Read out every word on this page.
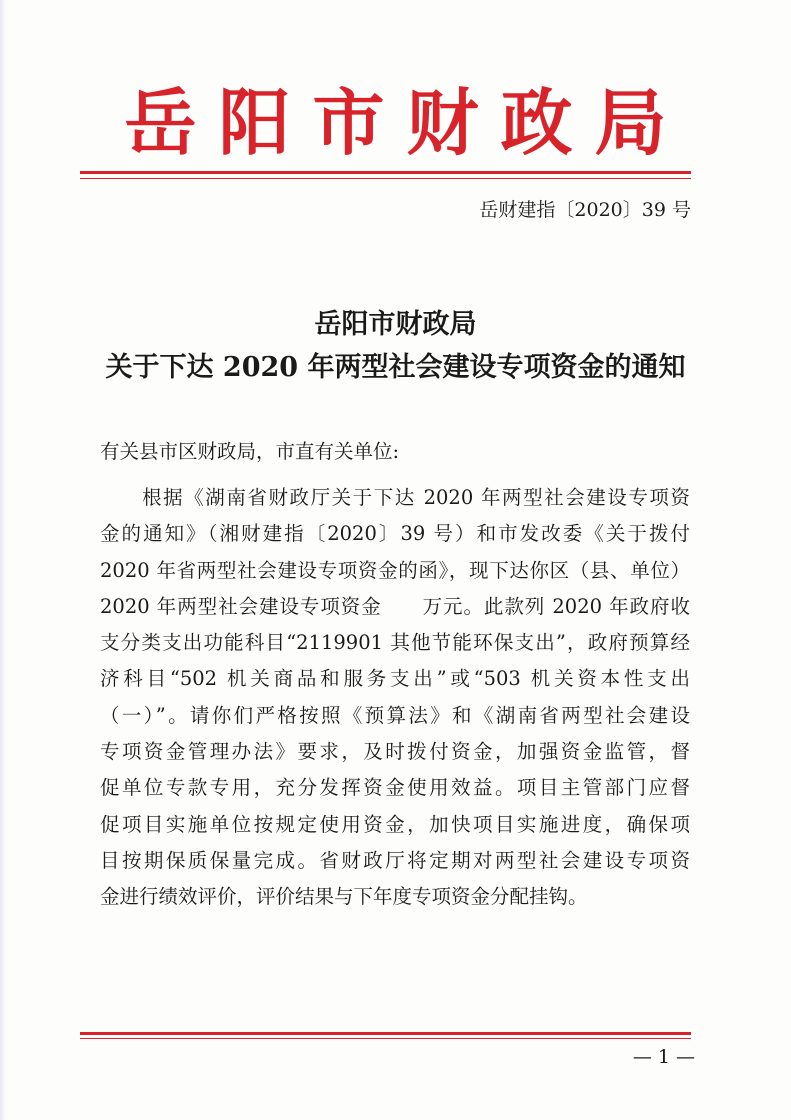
岳阳市财政局
岳财建指〔2020〕39 号
岳阳市财政局
关于下达 2020 年两型社会建设专项资金的通知
有关县市区财政局，市直有关单位:
　　根据《湖南省财政厅关于下达 2020 年两型社会建设专项资
金的通知》（湘财建指〔2020〕39 号）和市发改委《关于拨付
2020 年省两型社会建设专项资金的函》，现下达你区（县、单位）
2020 年两型社会建设专项资金　　万元。此款列 2020 年政府收
支分类支出功能科目“2119901 其他节能环保支出”，政府预算经
济科目“502 机关商品和服务支出”或“503 机关资本性支出
（一）”。请你们严格按照《预算法》和《湖南省两型社会建设
专项资金管理办法》要求，及时拨付资金，加强资金监管，督
促单位专款专用，充分发挥资金使用效益。项目主管部门应督
促项目实施单位按规定使用资金，加快项目实施进度，确保项
目按期保质保量完成。省财政厅将定期对两型社会建设专项资
金进行绩效评价，评价结果与下年度专项资金分配挂钩。
— 1 —
